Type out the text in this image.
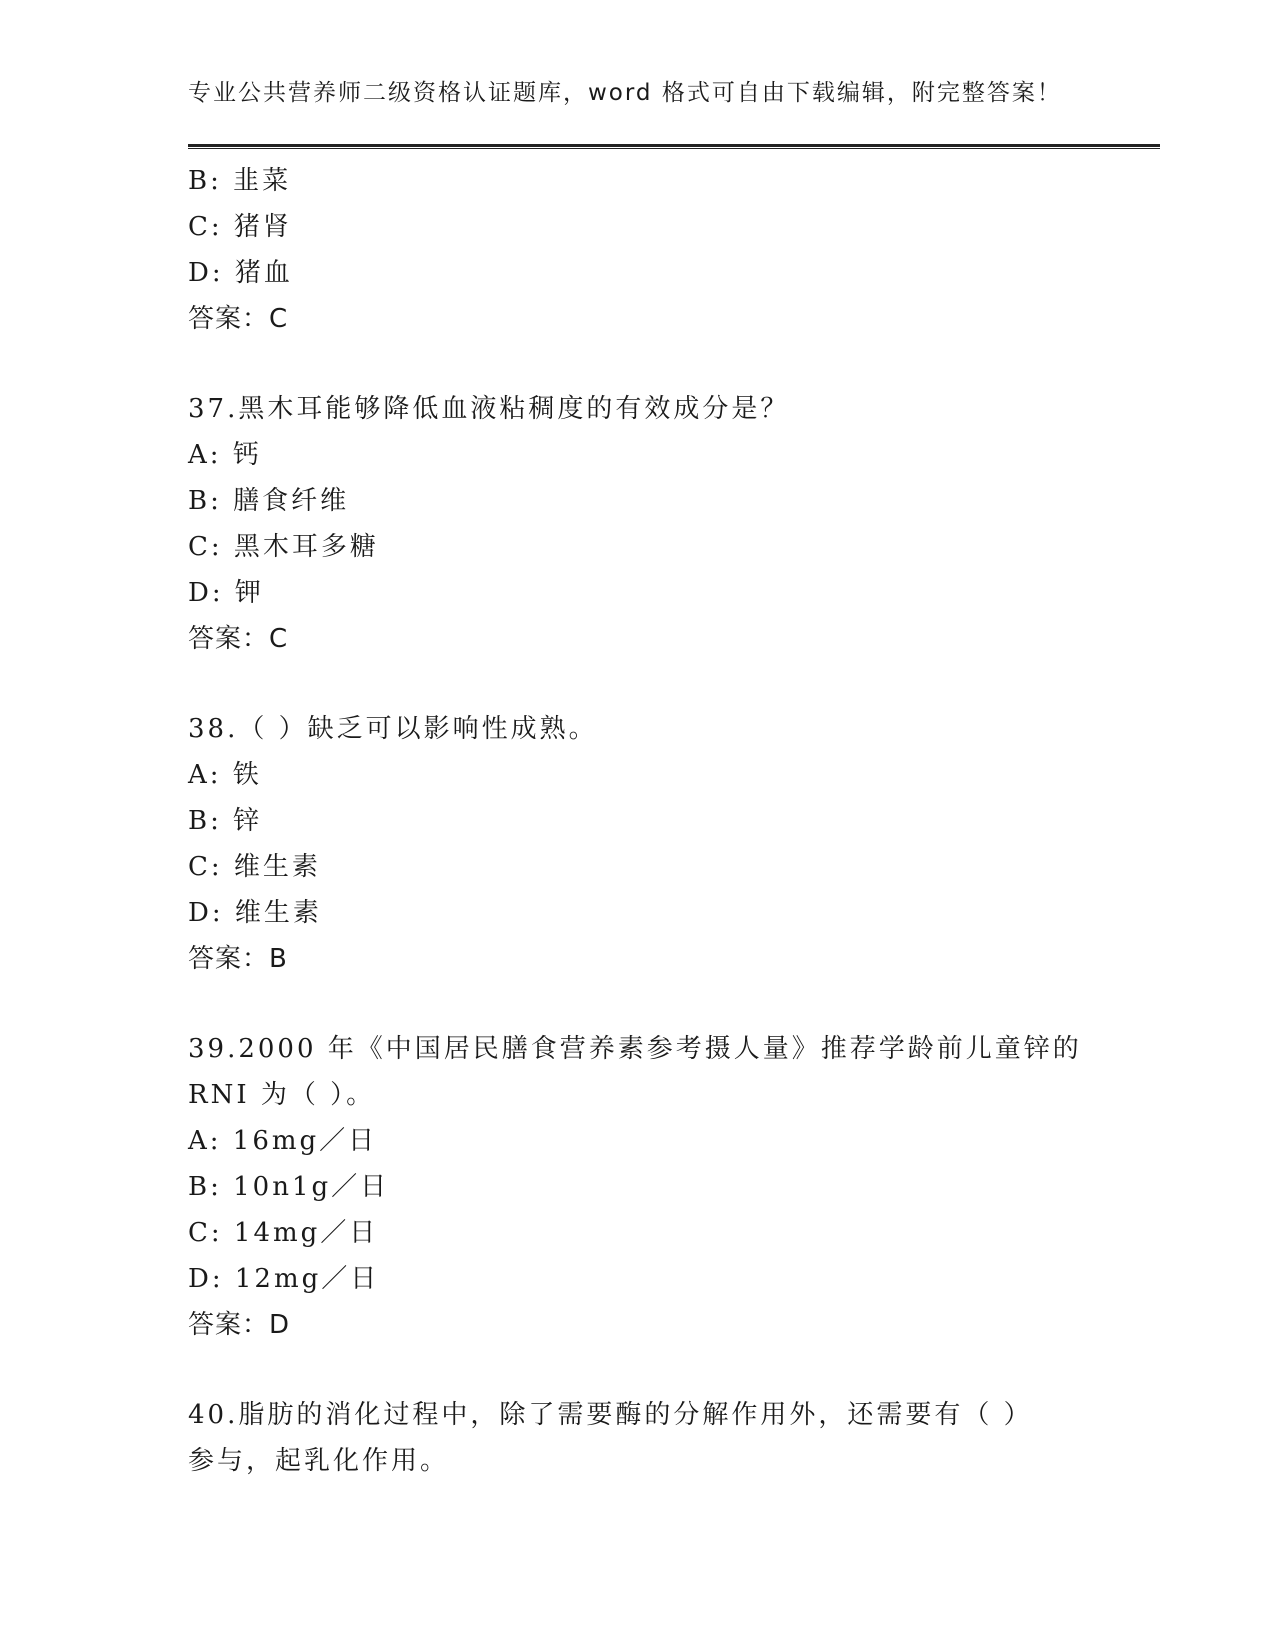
专业公共营养师二级资格认证题库，word 格式可自由下载编辑，附完整答案！
B: 韭菜
C: 猪肾
D: 猪血
答案：C
37.黑木耳能够降低血液粘稠度的有效成分是？
A: 钙
B: 膳食纤维
C: 黑木耳多糖
D: 钾
答案：C
38.（ ）缺乏可以影响性成熟。
A: 铁
B: 锌
C: 维生素
D: 维生素
答案：B
39.2000 年《中国居民膳食营养素参考摄人量》推荐学龄前儿童锌的
RNI 为（ ）。
A: 16mg／日
B: 10n1g／日
C: 14mg／日
D: 12mg／日
答案：D
40.脂肪的消化过程中，除了需要酶的分解作用外，还需要有（ ）
参与，起乳化作用。
